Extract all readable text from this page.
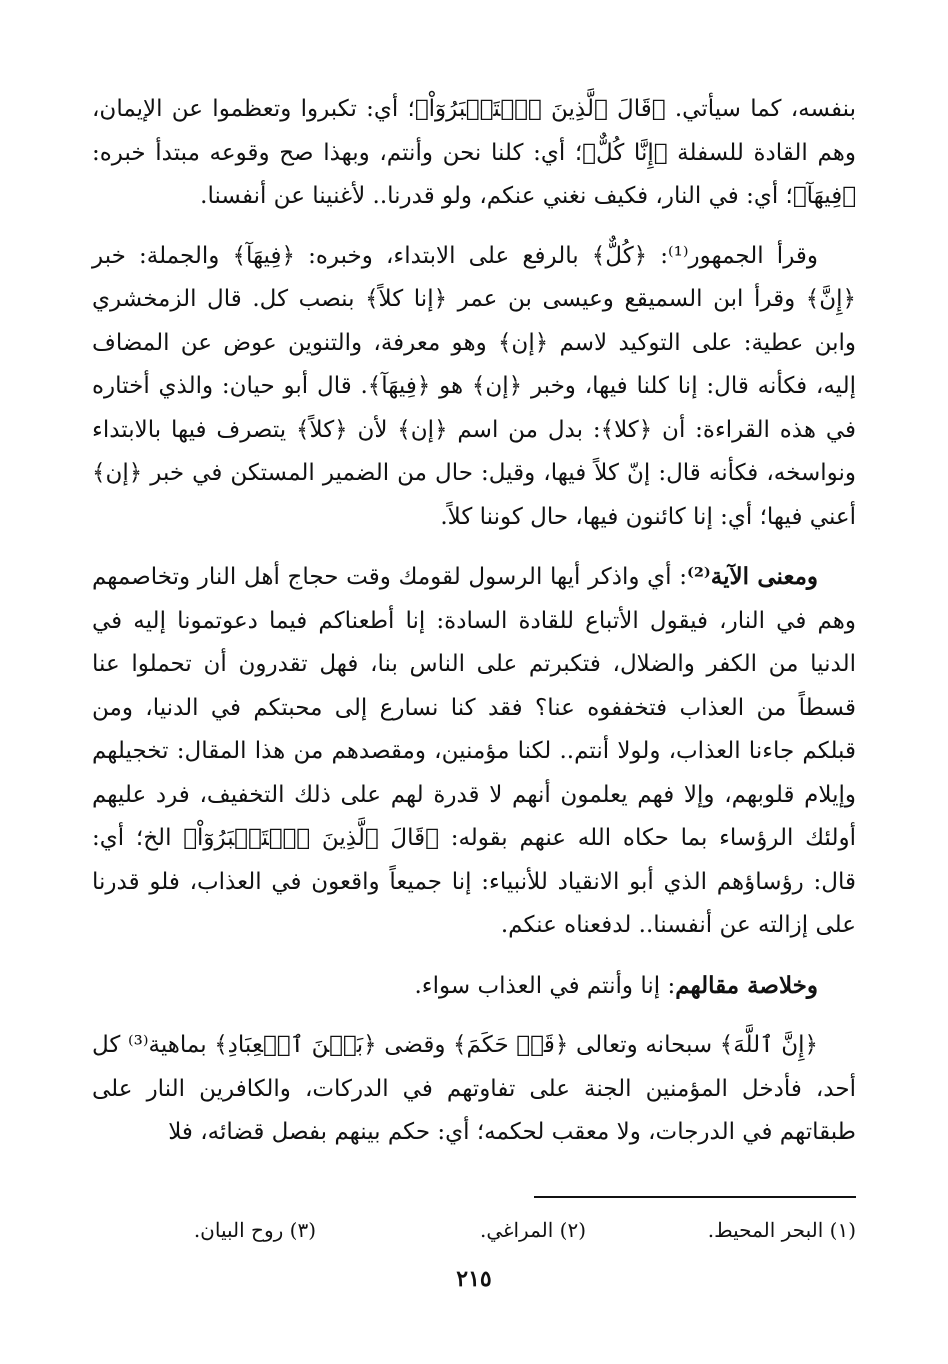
بنفسه، كما سيأتي. ﴿قَالَ ٱلَّذِينَ ٱسۡتَكۡبَرُوٓاْ﴾؛ أي: تكبروا وتعظموا عن الإيمان، وهم القادة للسفلة ﴿إِنَّا كُلٌّ﴾؛ أي: كلنا نحن وأنتم، وبهذا صح وقوعه مبتدأ خبره: ﴿فِيهَآ﴾؛ أي: في النار، فكيف نغني عنكم، ولو قدرنا.. لأغنينا عن أنفسنا.

وقرأ الجمهور⁽¹⁾: ﴿كُلٌّ﴾ بالرفع على الابتداء، وخبره: ﴿فِيهَآ﴾ والجملة: خبر ﴿إِنَّ﴾ وقرأ ابن السميقع وعيسى بن عمر ﴿إنا كلاً﴾ بنصب كل. قال الزمخشري وابن عطية: على التوكيد لاسم ﴿إن﴾ وهو معرفة، والتنوين عوض عن المضاف إليه، فكأنه قال: إنا كلنا فيها، وخبر ﴿إن﴾ هو ﴿فِيهَآ﴾. قال أبو حيان: والذي أختاره في هذه القراءة: أن ﴿كلا﴾: بدل من اسم ﴿إن﴾ لأن ﴿كلاً﴾ يتصرف فيها بالابتداء ونواسخه، فكأنه قال: إنّ كلاً فيها، وقيل: حال من الضمير المستكن في خبر ﴿إن﴾ أعني فيها؛ أي: إنا كائنون فيها، حال كوننا كلاً.

ومعنى الآية⁽²⁾: أي واذكر أيها الرسول لقومك وقت حجاج أهل النار وتخاصمهم وهم في النار، فيقول الأتباع للقادة السادة: إنا أطعناكم فيما دعوتمونا إليه في الدنيا من الكفر والضلال، فتكبرتم على الناس بنا، فهل تقدرون أن تحملوا عنا قسطاً من العذاب فتخففوه عنا؟ فقد كنا نسارع إلى محبتكم في الدنيا، ومن قبلكم جاءنا العذاب، ولولا أنتم.. لكنا مؤمنين، ومقصدهم من هذا المقال: تخجيلهم وإيلام قلوبهم، وإلا فهم يعلمون أنهم لا قدرة لهم على ذلك التخفيف، فرد عليهم أولئك الرؤساء بما حكاه الله عنهم بقوله: ﴿قَالَ ٱلَّذِينَ ٱسۡتَكۡبَرُوٓاْ﴾ الخ؛ أي: قال: رؤساؤهم الذي أبو الانقياد للأنبياء: إنا جميعاً واقعون في العذاب، فلو قدرنا على إزالته عن أنفسنا.. لدفعناه عنكم.

وخلاصة مقالهم: إنا وأنتم في العذاب سواء.

﴿إِنَّ ٱللَّهَ﴾ سبحانه وتعالى ﴿قَدۡ حَكَمَ﴾ وقضى ﴿بَيۡنَ ٱلۡعِبَادِ﴾ بماهية⁽³⁾ كل أحد، فأدخل المؤمنين الجنة على تفاوتهم في الدركات، والكافرين النار على طبقاتهم في الدرجات، ولا معقب لحكمه؛ أي: حكم بينهم بفصل قضائه، فلا

(١) البحر المحيط.
(٢) المراغي.
(٣) روح البيان.
٢١٥
